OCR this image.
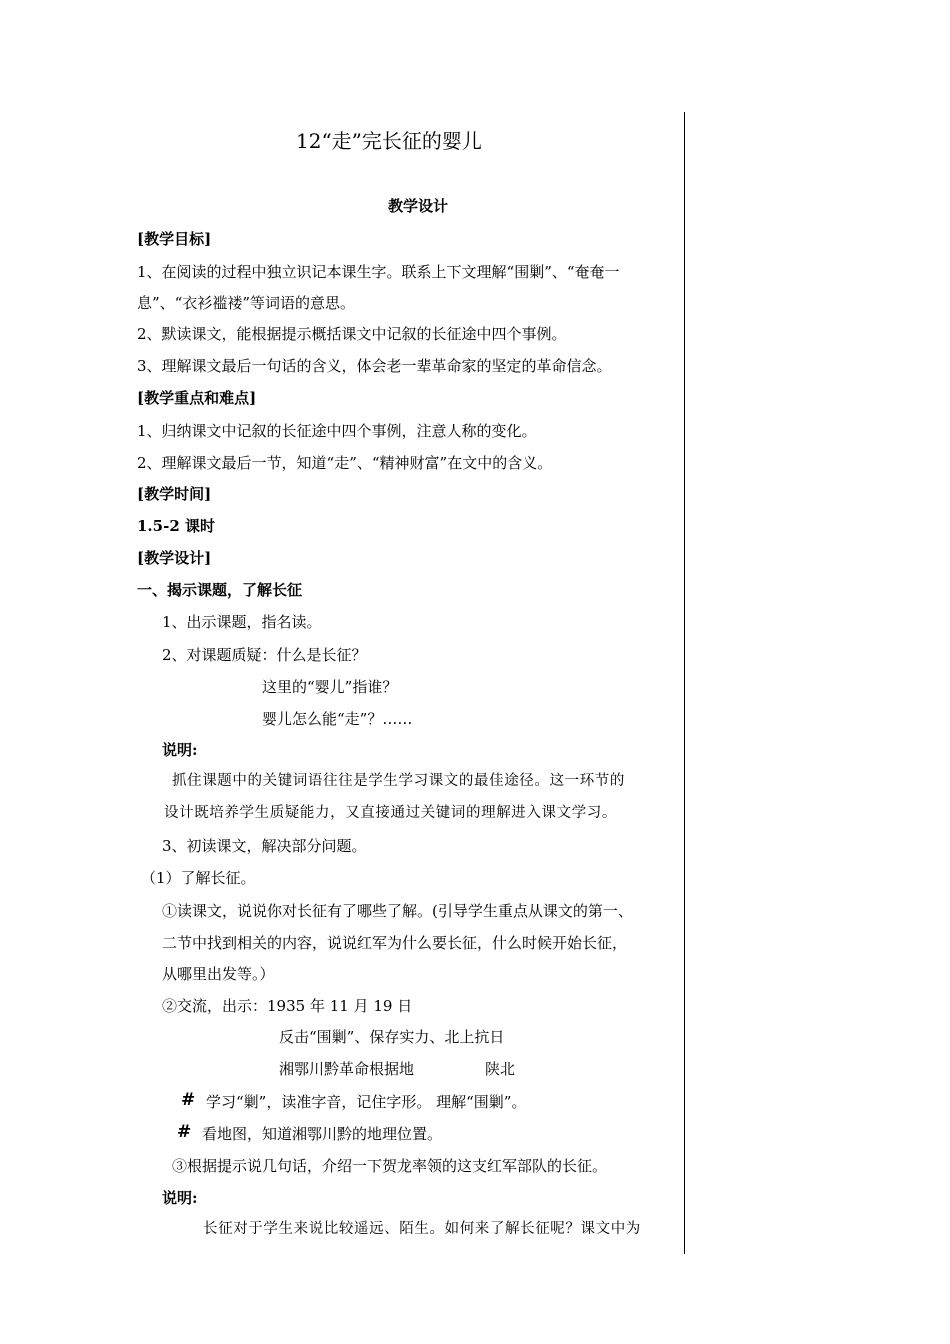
12“走”完长征的婴儿
教学设计
[教学目标]
1、在阅读的过程中独立识记本课生字。联系上下文理解“围剿”、“奄奄一
息”、“衣衫褴褛”等词语的意思。
2、默读课文，能根据提示概括课文中记叙的长征途中四个事例。
3、理解课文最后一句话的含义，体会老一辈革命家的坚定的革命信念。
[教学重点和难点]
1、归纳课文中记叙的长征途中四个事例，注意人称的变化。
2、理解课文最后一节，知道“走”、“精神财富”在文中的含义。
[教学时间]
1.5-2 课时
[教学设计]
一、揭示课题，了解长征
1、出示课题，指名读。
2、对课题质疑：什么是长征？
这里的“婴儿”指谁？
婴儿怎么能“走”？……
说明:
抓住课题中的关键词语往往是学生学习课文的最佳途径。这一环节的
设计既培养学生质疑能力，又直接通过关键词的理解进入课文学习。
3、初读课文，解决部分问题。
（1）了解长征。
①读课文，说说你对长征有了哪些了解。(引导学生重点从课文的第一、
二节中找到相关的内容，说说红军为什么要长征，什么时候开始长征，
从哪里出发等。）
②交流，出示：1935 年 11 月 19 日
反击“围剿”、保存实力、北上抗日
湘鄂川黔革命根据地	陕北
# 学习“剿”，读准字音，记住字形。 理解“围剿”。
# 看地图，知道湘鄂川黔的地理位置。
③根据提示说几句话，介绍一下贺龙率领的这支红军部队的长征。
说明:
长征对于学生来说比较遥远、陌生。如何来了解长征呢？课文中为
